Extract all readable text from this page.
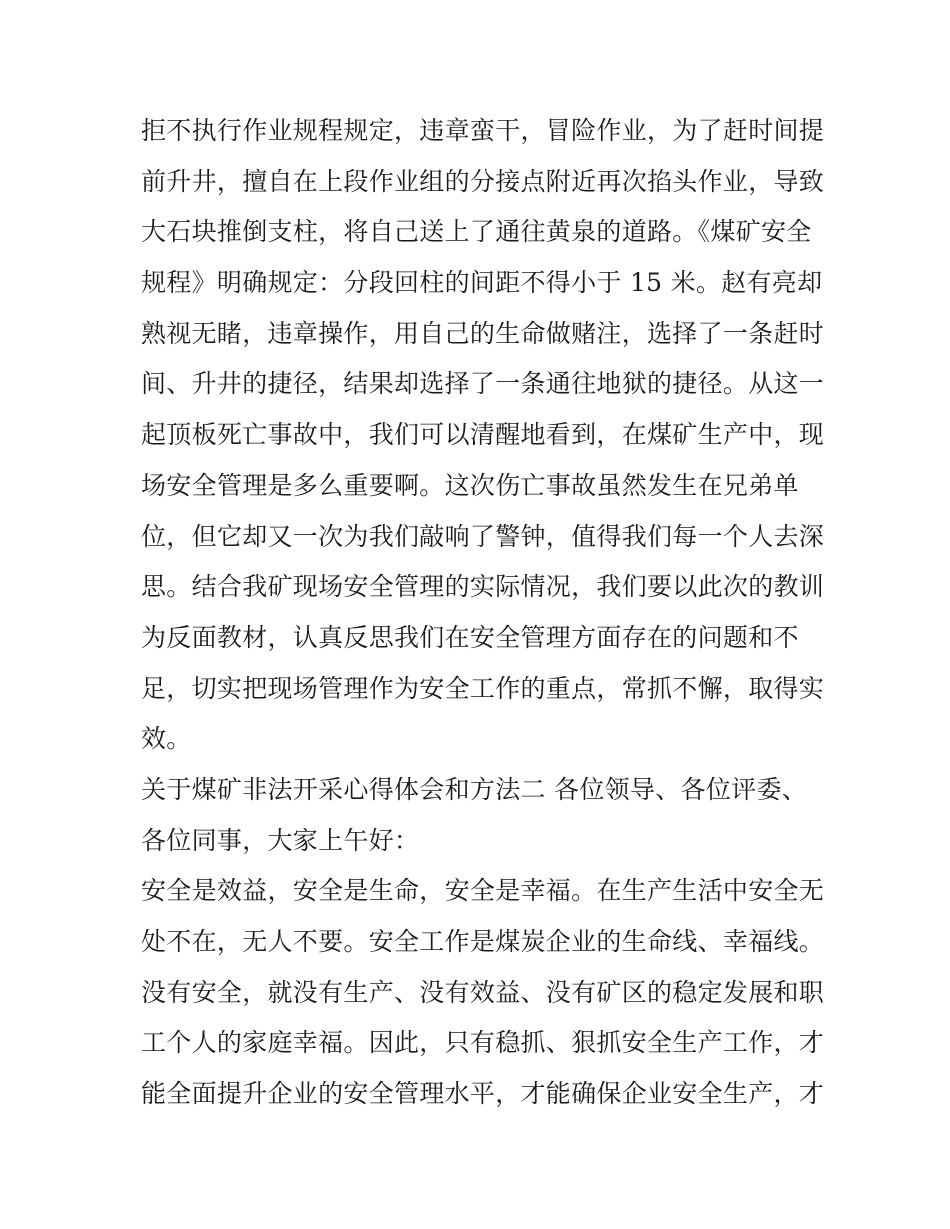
拒不执行作业规程规定，违章蛮干，冒险作业，为了赶时间提
前升井，擅自在上段作业组的分接点附近再次掐头作业，导致
大石块推倒支柱，将自己送上了通往黄泉的道路。《煤矿安全
规程》明确规定：分段回柱的间距不得小于 15 米。赵有亮却
熟视无睹，违章操作，用自己的生命做赌注，选择了一条赶时
间、升井的捷径，结果却选择了一条通往地狱的捷径。从这一
起顶板死亡事故中，我们可以清醒地看到，在煤矿生产中，现
场安全管理是多么重要啊。这次伤亡事故虽然发生在兄弟单
位，但它却又一次为我们敲响了警钟，值得我们每一个人去深
思。结合我矿现场安全管理的实际情况，我们要以此次的教训
为反面教材，认真反思我们在安全管理方面存在的问题和不
足，切实把现场管理作为安全工作的重点，常抓不懈，取得实
效。
关于煤矿非法开采心得体会和方法二 各位领导、各位评委、
各位同事，大家上午好：
安全是效益，安全是生命，安全是幸福。在生产生活中安全无
处不在，无人不要。安全工作是煤炭企业的生命线、幸福线。
没有安全，就没有生产、没有效益、没有矿区的稳定发展和职
工个人的家庭幸福。因此，只有稳抓、狠抓安全生产工作，才
能全面提升企业的安全管理水平，才能确保企业安全生产，才
